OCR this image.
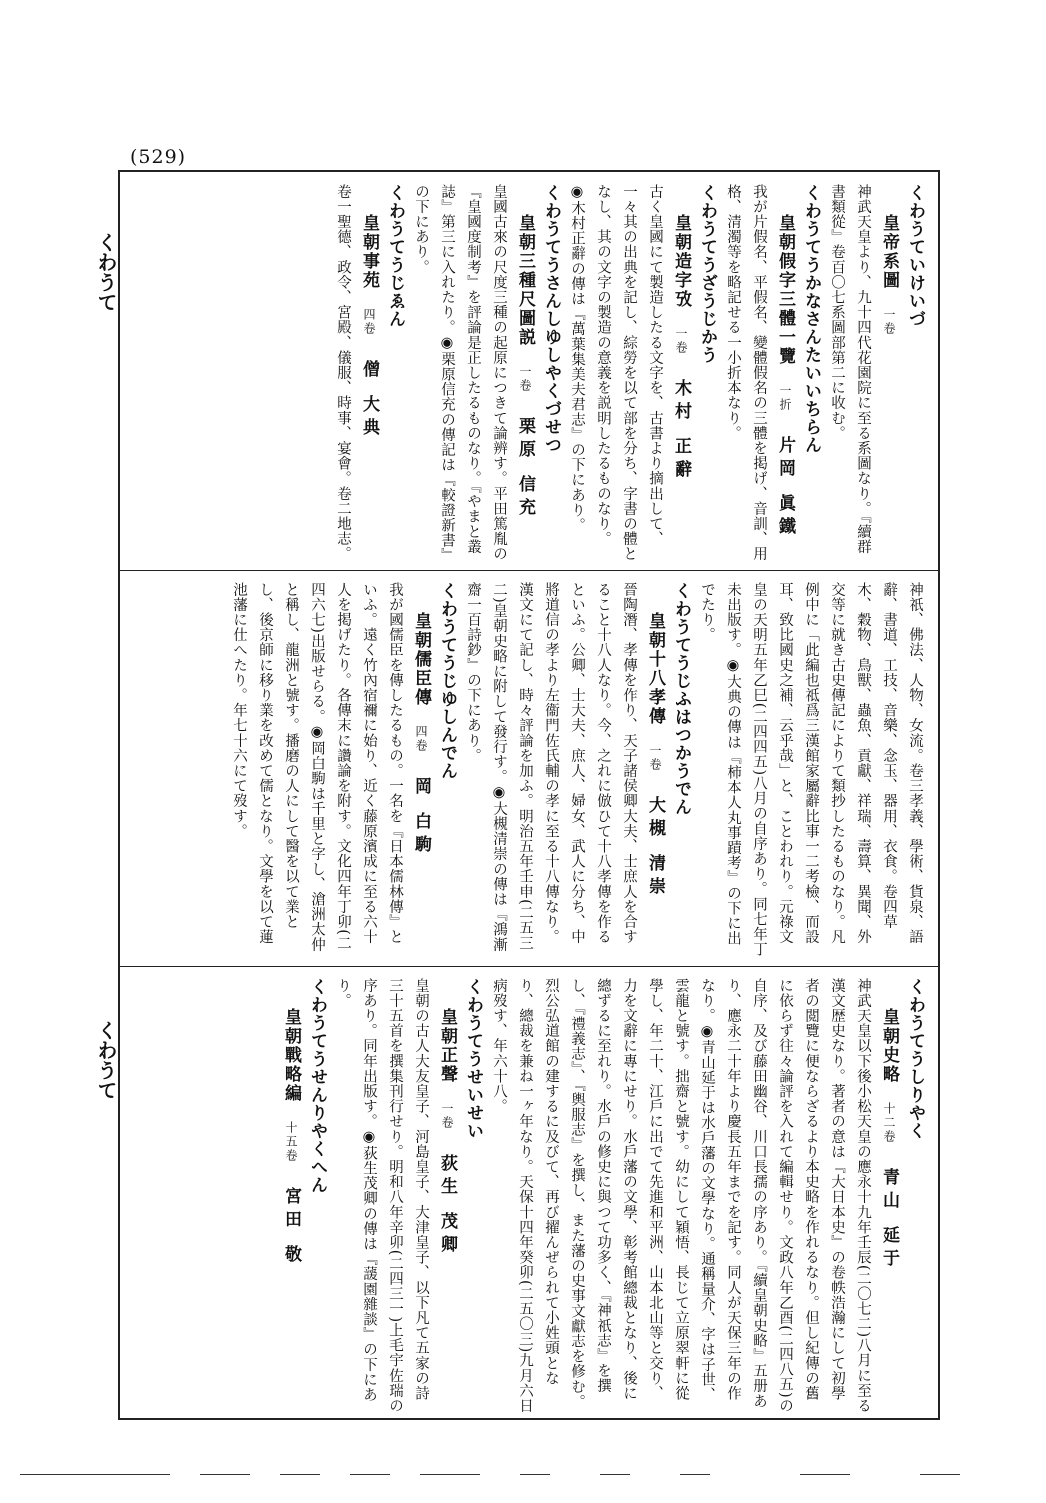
(529)
くわうて
くわうて
くわうていけいづ
皇帝系圖一卷
神武天皇より、九十四代花園院に至る系圖なり。『續群書類從』卷百〇七系圖部第二に收む。
くわうてうかなさんたいいちらん
皇朝假字三體一覽一折片岡 眞鐵
我が片假名、平假名、變體假名の三體を掲げ、音訓、用格、清濁等を略記せる一小折本なり。
くわうてうざうじかう
皇朝造字攷一卷木村 正辭
古く皇國にて製造したる文字を、古書より摘出して、一々其の出典を記し、綜勞を以て部を分ち、字書の體となし、其の文字の製造の意義を説明したるものなり。◉木村正辭の傳は『萬葉集美夫君志』の下にあり。
くわうてうさんしゆしやくづせつ
皇朝三種尺圖説一卷栗原 信充
皇國古來の尺度三種の起原につきて論辨す。平田篤胤の『皇國度制考』を評論是正したるものなり。『やまと叢誌』第三に入れたり。◉栗原信充の傳記は『較證新書』の下にあり。
くわうてうじゑん
皇朝事苑四卷僧 大典
卷一聖德、政令、宮殿、儀服、時事、宴會。卷二地志。
神祇、佛法、人物、女流。卷三孝義、學術、貨泉、語辭、書道、工技、音樂、念玉、器用、衣食。卷四草木、穀物、鳥獸、蟲魚、貢獻、祥瑞、壽算、異聞、外交等に就き古史傳記によりて類抄したるものなり。凡例中に「此編也祗爲三漢館家屬辭比事一二考檢、而設耳、致比國史之補、云乎哉」と、ことわれり。元祿文皇の天明五年乙巳(二四四五)八月の自序あり。同七年丁未出版す。◉大典の傳は『柿本人丸事蹟考』の下に出でたり。
くわうてうじふはつかうでん
皇朝十八孝傳一卷大槻 清崇
晉陶潛、孝傳を作り、天子諸侯卿大夫、士庶人を合すること十八人なり。今、之れに倣ひて十八孝傳を作るといふ。公卿、士大夫、庶人、婦女、武人に分ち、中將道信の孝より左衞門佐氏輔の孝に至る十八傳なり。漢文にて記し、時々評論を加ふ。明治五年壬申(二五三二)皇朝史略に附して發行す。◉大槻清崇の傳は『鴻漸齋一百詩鈔』の下にあり。
くわうてうじゆしんでん
皇朝儒臣傳四卷岡 白駒
我が國儒臣を傳したるもの。一名を『日本儒林傳』といふ。遠く竹內宿禰に始り、近く藤原濱成に至る六十人を掲げたり。各傳末に讚論を附す。文化四年丁卯(二四六七)出版せらる。◉岡白駒は千里と字し、滄洲太仲と稱し、龍洲と號す。播磨の人にして醫を以て業とし、後京師に移り業を改めて儒となり。文學を以て蓮池藩に仕へたり。年七十六にて歿す。
くわうてうしりやく
皇朝史略十二卷青山 延于
神武天皇以下後小松天皇の應永十九年壬辰(二〇七二)八月に至る漢文歴史なり。著者の意は『大日本史』の卷帙浩瀚にして初學者の閲覽に便ならざるより本史略を作れるなり。但し紀傳の舊に依らず往々論評を入れて編輯せり。文政八年乙酉(二四八五)の自序、及び藤田幽谷、川口長孺の序あり。『續皇朝史略』五册あり、應永二十年より慶長五年までを記す。同人が天保三年の作なり。◉青山延于は水戶藩の文學なり。通稱量介、字は子世、雲龍と號す。拙齋と號す。幼にして穎悟、長じて立原翠軒に從學し、年二十、江戶に出でて先進和平洲、山本北山等と交り、力を文辭に專にせり。水戶藩の文學、彰考館總裁となり、後に總ずるに至れり。水戶の修史に與つて功多く、『神祇志』を撰し、『禮義志』、『輿服志』を撰し、また藩の史事文獻志を修む。烈公弘道館の建するに及びて、再び擢んぜられて小姓頭となり、總裁を兼ね一ヶ年なり。天保十四年癸卯(二五〇三)九月六日病歿す、年六十八。
くわうてうせいせい
皇朝正聲一卷荻生 茂卿
皇朝の古人大友皇子、河島皇子、大津皇子、以下凡て五家の詩三十五首を撰集刊行せり。明和八年辛卯(二四三一)上毛宇佐瑞の序あり。同年出版す。◉荻生茂卿の傳は『蘐園雜談』の下にあり。
くわうてうせんりやくへん
皇朝戰略編十五卷宮田 敬
